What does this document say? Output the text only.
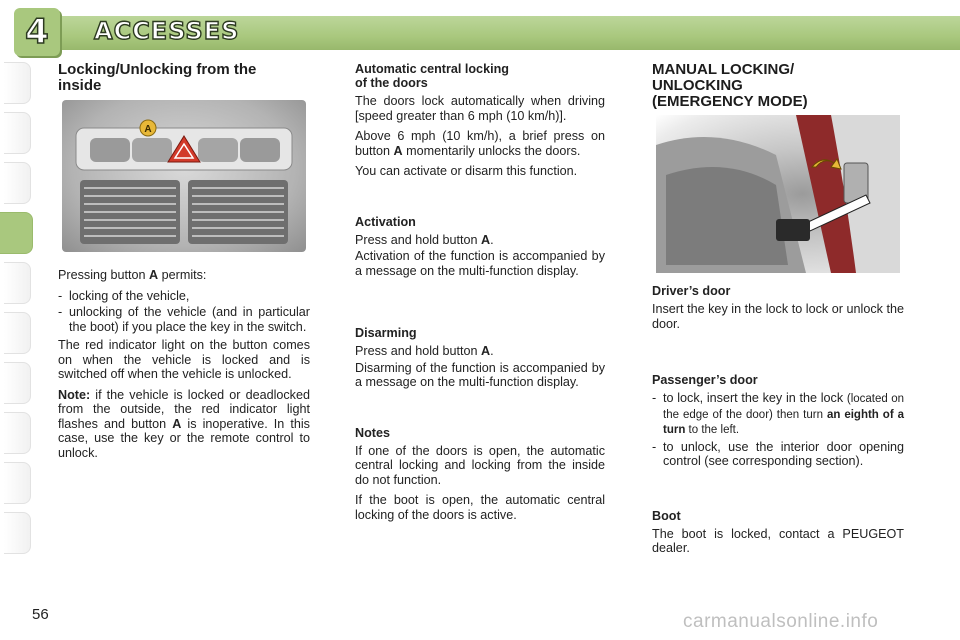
4 ACCESSES
Locking/Unlocking from the
inside
A

Pressing button A permits:

- locking of the vehicle,
- unlocking of the vehicle (and in particular the boot) if you place the key in the switch.

The red indicator light on the button comes on when the vehicle is locked and is switched off when the vehicle is unlocked.

Note: if the vehicle is locked or deadlocked from the outside, the red indicator light flashes and button A is inoperative. In this case, use the key or the remote control to unlock.

Automatic central locking
of the doors

The doors lock automatically when driving [speed greater than 6 mph (10 km/h)].

Above 6 mph (10 km/h), a brief press on button A momentarily unlocks the doors.

You can activate or disarm this function.

Activation

Press and hold button A.

Activation of the function is accompanied by a message on the multi-function display.

Disarming

Press and hold button A.

Disarming of the function is accompanied by a message on the multi-function display.

Notes

If one of the doors is open, the automatic central locking and locking from the inside do not function.

If the boot is open, the automatic central locking of the doors is active.

MANUAL LOCKING/
UNLOCKING
(EMERGENCY MODE)
Driver’s door

Insert the key in the lock to lock or unlock the door.

Passenger’s door
- to lock, insert the key in the lock (located on the edge of the door) then turn an eighth of a turn to the left.
- to unlock, use the interior door opening control (see corresponding section).
Boot

The boot is locked, contact a PEUGEOT dealer.

56	carmanualsonline.info
